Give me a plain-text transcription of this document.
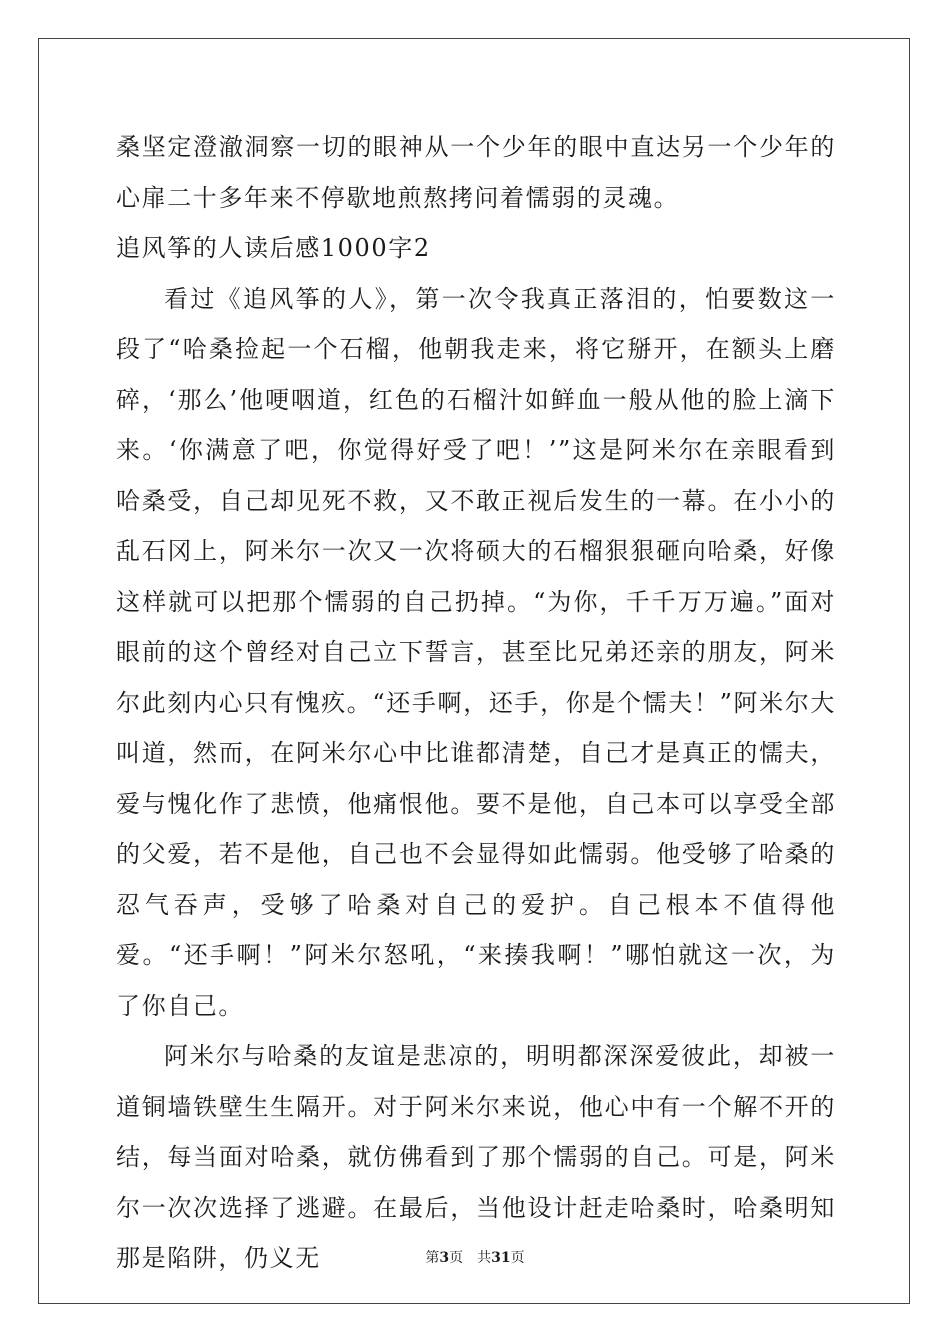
桑坚定澄澈洞察一切的眼神从一个少年的眼中直达另一个少年的心扉二十多年来不停歇地煎熬拷问着懦弱的灵魂。

追风筝的人读后感1000字2

看过《追风筝的人》，第一次令我真正落泪的，怕要数这一段了“哈桑捡起一个石榴，他朝我走来，将它掰开，在额头上磨碎，‘那么’他哽咽道，红色的石榴汁如鲜血一般从他的脸上滴下来。‘你满意了吧，你觉得好受了吧！’”这是阿米尔在亲眼看到哈桑受，自己却见死不救，又不敢正视后发生的一幕。在小小的乱石冈上，阿米尔一次又一次将硕大的石榴狠狠砸向哈桑，好像这样就可以把那个懦弱的自己扔掉。“为你，千千万万遍。”面对眼前的这个曾经对自己立下誓言，甚至比兄弟还亲的朋友，阿米尔此刻内心只有愧疚。“还手啊，还手，你是个懦夫！”阿米尔大叫道，然而，在阿米尔心中比谁都清楚，自己才是真正的懦夫，爱与愧化作了悲愤，他痛恨他。要不是他，自己本可以享受全部的父爱，若不是他，自己也不会显得如此懦弱。他受够了哈桑的忍气吞声，受够了哈桑对自己的爱护。自己根本不值得他爱。“还手啊！”阿米尔怒吼，“来揍我啊！”哪怕就这一次，为了你自己。

阿米尔与哈桑的友谊是悲凉的，明明都深深爱彼此，却被一道铜墙铁壁生生隔开。对于阿米尔来说，他心中有一个解不开的结，每当面对哈桑，就仿佛看到了那个懦弱的自己。可是，阿米尔一次次选择了逃避。在最后，当他设计赶走哈桑时，哈桑明知那是陷阱，仍义无	第3页 共31页
